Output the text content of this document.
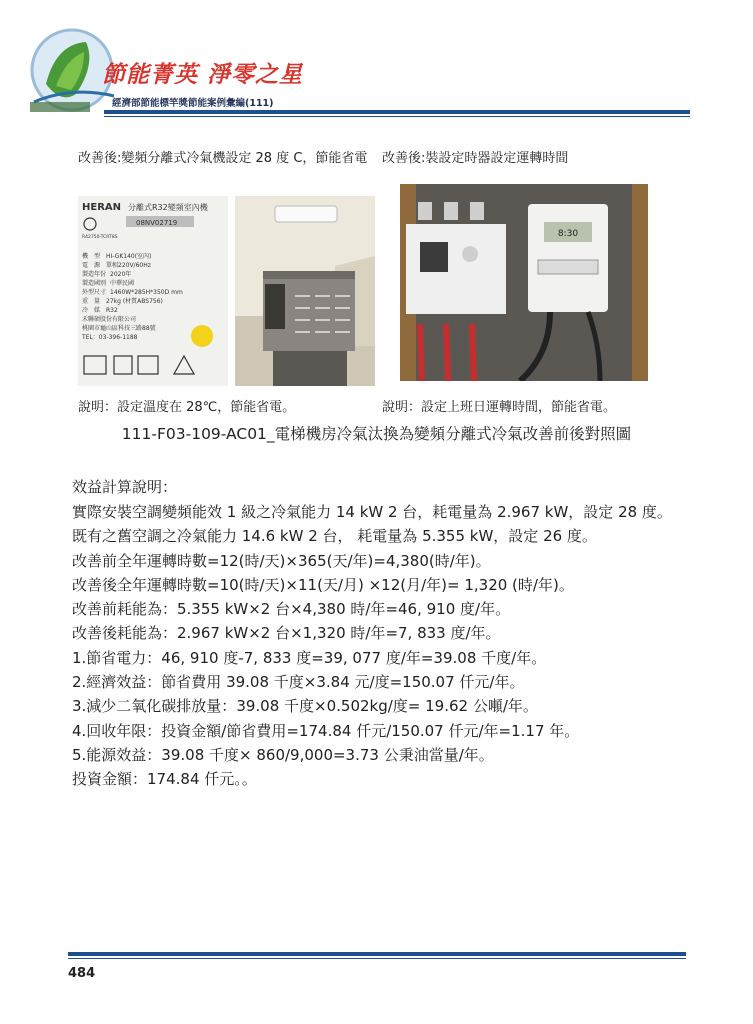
節能菁英 淨零之星
經濟部節能標竿獎節能案例彙編(111)
改善後:變頻分離式冷氣機設定 28 度 C，節能省電	改善後:裝設定時器設定運轉時間
HERAN 分離式R32變頻室內機
R42750-TCRT8S
08NV02719
機　型 HI-GK140(室內)
電　源 單相220V/60Hz
製造年份 2020年
製造國別 中華民國
外型尺寸 1460W*285H*350D mm
重　量 27kg (材質ABS756)
冷　媒 R32
禾聯碩股份有限公司
桃園市龜山區科技三路88號
TEL：03-396-1188
8:30
說明：設定溫度在 28℃，節能省電。	說明：設定上班日運轉時間，節能省電。
111-F03-109-AC01_電梯機房冷氣汰換為變頻分離式冷氣改善前後對照圖
效益計算說明：
實際安裝空調變頻能效 1 級之冷氣能力 14 kW 2 台，耗電量為 2.967 kW，設定 28 度。
既有之舊空調之冷氣能力 14.6 kW 2 台， 耗電量為 5.355 kW，設定 26 度。
改善前全年運轉時數=12(時/天)×365(天/年)=4,380(時/年)。
改善後全年運轉時數=10(時/天)×11(天/月) ×12(月/年)= 1,320 (時/年)。
改善前耗能為：5.355 kW×2 台×4,380 時/年=46, 910 度/年。
改善後耗能為：2.967 kW×2 台×1,320 時/年=7, 833 度/年。
1.節省電力：46, 910 度-7, 833 度=39, 077 度/年=39.08 千度/年。
2.經濟效益：節省費用 39.08 千度×3.84 元/度=150.07 仟元/年。
3.減少二氧化碳排放量：39.08 千度×0.502kg/度= 19.62 公噸/年。
4.回收年限：投資金額/節省費用=174.84 仟元/150.07 仟元/年=1.17 年。
5.能源效益：39.08 千度× 860/9,000=3.73 公秉油當量/年。
投資金額：174.84 仟元。。
484
